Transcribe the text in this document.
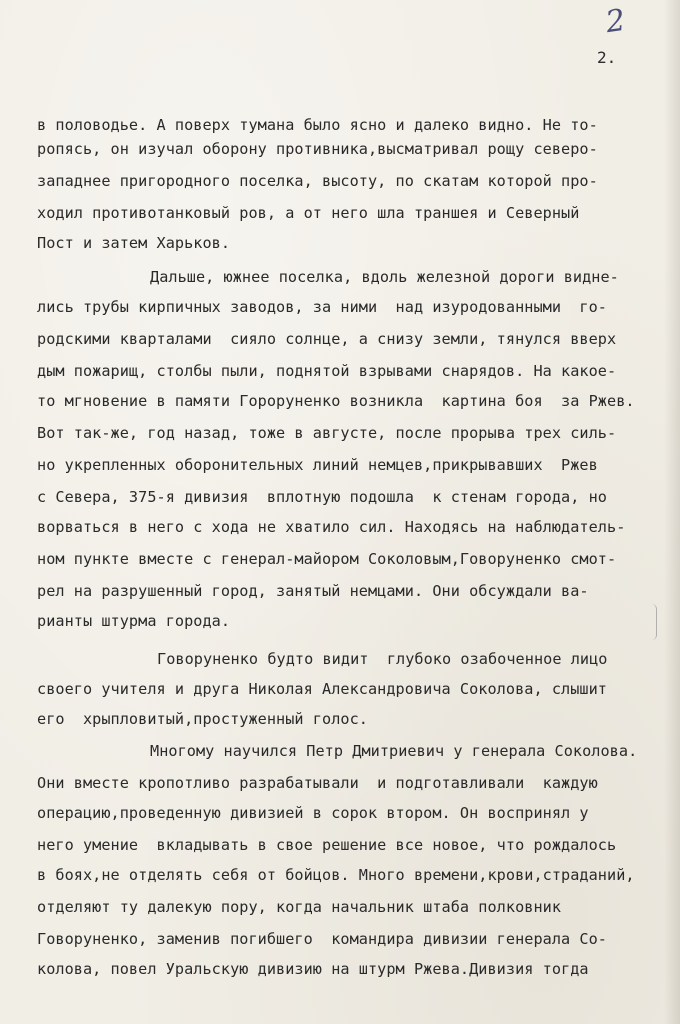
2
2.
в половодье. А поверх тумана было ясно и далеко видно. Не то-
ропясь, он изучал оборону противника,высматривал рощу северо-
западнее пригородного поселка, высоту, по скатам которой про-
ходил противотанковый ров, а от него шла траншея и Северный
Пост и затем Харьков.
Дальше, южнее поселка, вдоль железной дороги видне-
лись трубы кирпичных заводов, за ними  над изуродованными  го-
родскими кварталами  сияло солнце, а снизу земли, тянулся вверх
дым пожарищ, столбы пыли, поднятой взрывами снарядов. На какое-
то мгновение в памяти Горорунeнко возникла  картина боя  за Ржев.
Вот так-же, год назад, тоже в августе, после прорыва трех силь-
но укрепленных оборонительных линий немцев,прикрывавших  Ржев
с Севера, 375-я дивизия  вплотную подошла  к стенам города, но
ворваться в него с хода не хватило сил. Находясь на наблюдатель-
ном пункте вместе с генерал-майором Соколовым,Говоруненко смот-
рел на разрушенный город, занятый немцами. Они обсуждали ва-
рианты штурма города.
Говоруненко будто видит  глубоко озабоченное лицо
своего учителя и друга Николая Александровича Соколова, слышит
его  хрыпловитый,простуженный голос.
Многому научился Петр Дмитриевич у генерала Соколова.
Они вместе кропотливо разрабатывали  и подготавливали  каждую
операцию,проведенную дивизией в сорок втором. Он воспринял у
него умение  вкладывать в свое решение все новое, что рождалось
в боях,не отделять себя от бойцов. Много времени,крови,страданий,
отделяют ту далекую пору, когда начальник штаба полковник
Говоруненко, заменив погибшего  командира дивизии генерала Со-
колова, повел Уральскую дивизию на штурм Ржева.Дивизия тогда
